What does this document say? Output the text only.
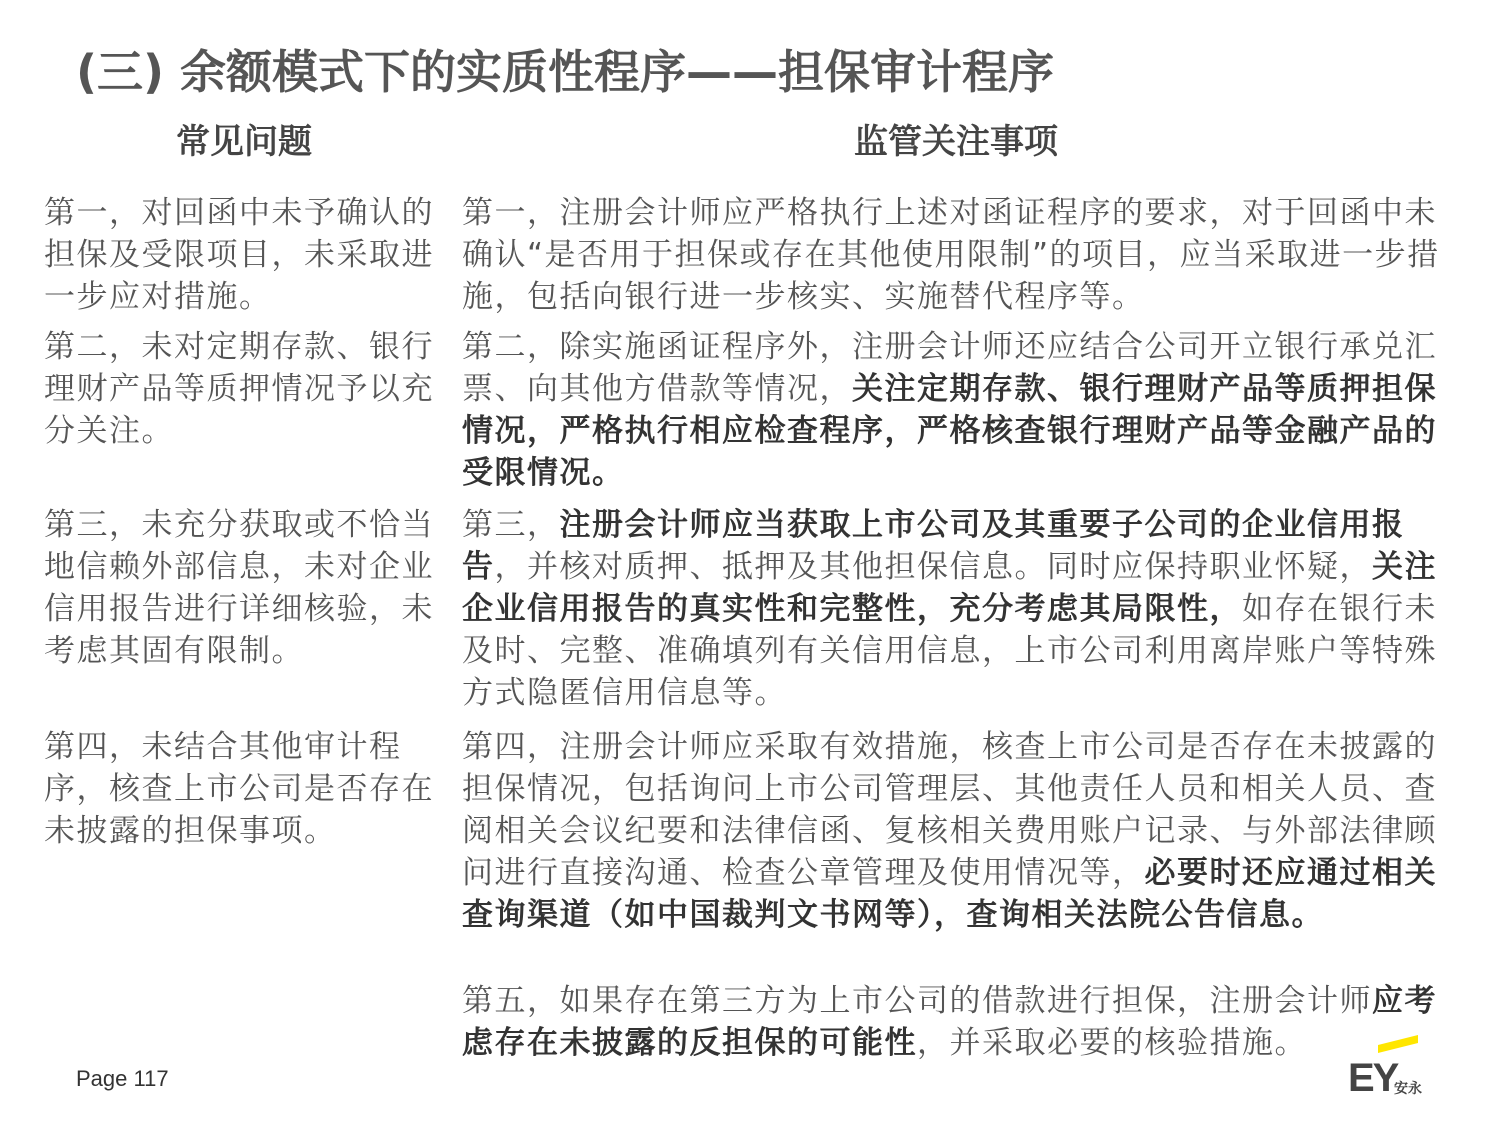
(三) 余额模式下的实质性程序——担保审计程序
常见问题	监管关注事项
第一，对回函中未予确认的担保及受限项目，未采取进一步应对措施。
第二，未对定期存款、银行理财产品等质押情况予以充分关注。
第三，未充分获取或不恰当地信赖外部信息，未对企业信用报告进行详细核验，未考虑其固有限制。
第四，未结合其他审计程序，核查上市公司是否存在未披露的担保事项。
第一，注册会计师应严格执行上述对函证程序的要求，对于回函中未确认“是否用于担保或存在其他使用限制”的项目，应当采取进一步措施，包括向银行进一步核实、实施替代程序等。
第二，除实施函证程序外，注册会计师还应结合公司开立银行承兑汇票、向其他方借款等情况，关注定期存款、银行理财产品等质押担保情况，严格执行相应检查程序，严格核查银行理财产品等金融产品的受限情况。
第三，注册会计师应当获取上市公司及其重要子公司的企业信用报告，并核对质押、抵押及其他担保信息。同时应保持职业怀疑，关注企业信用报告的真实性和完整性，充分考虑其局限性，如存在银行未及时、完整、准确填列有关信用信息，上市公司利用离岸账户等特殊方式隐匿信用信息等。
第四，注册会计师应采取有效措施，核查上市公司是否存在未披露的担保情况，包括询问上市公司管理层、其他责任人员和相关人员、查阅相关会议纪要和法律信函、复核相关费用账户记录、与外部法律顾问进行直接沟通、检查公章管理及使用情况等，必要时还应通过相关查询渠道（如中国裁判文书网等），查询相关法院公告信息。
第五，如果存在第三方为上市公司的借款进行担保，注册会计师应考虑存在未披露的反担保的可能性，并采取必要的核验措施。
Page 117	EY
安永
